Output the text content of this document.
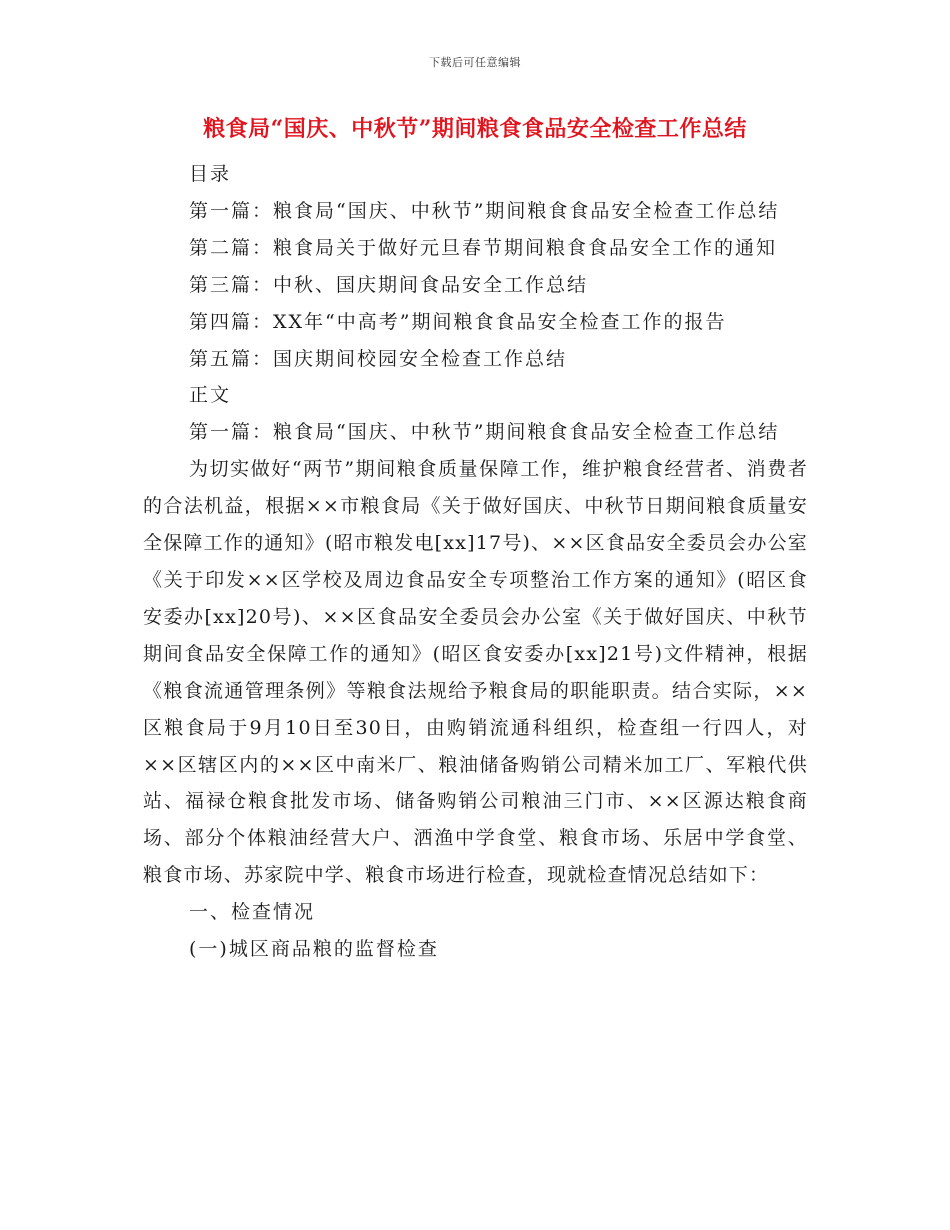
下载后可任意编辑
粮食局“国庆、中秋节”期间粮食食品安全检查工作总结

目录

第一篇：粮食局“国庆、中秋节”期间粮食食品安全检查工作总结

第二篇：粮食局关于做好元旦春节期间粮食食品安全工作的通知

第三篇：中秋、国庆期间食品安全工作总结

第四篇：XX年“中高考”期间粮食食品安全检查工作的报告

第五篇：国庆期间校园安全检查工作总结

正文

第一篇：粮食局“国庆、中秋节”期间粮食食品安全检查工作总结

为切实做好“两节”期间粮食质量保障工作，维护粮食经营者、消费者的合法机益，根据××市粮食局《关于做好国庆、中秋节日期间粮食质量安全保障工作的通知》(昭市粮发电[xx]17号)、××区食品安全委员会办公室《关于印发××区学校及周边食品安全专项整治工作方案的通知》(昭区食安委办[xx]20号)、××区食品安全委员会办公室《关于做好国庆、中秋节期间食品安全保障工作的通知》(昭区食安委办[xx]21号)文件精神，根据《粮食流通管理条例》等粮食法规给予粮食局的职能职责。结合实际，××区粮食局于9月10日至30日，由购销流通科组织，检查组一行四人，对××区辖区内的××区中南米厂、粮油储备购销公司精米加工厂、军粮代供站、福禄仓粮食批发市场、储备购销公司粮油三门市、××区源达粮食商场、部分个体粮油经营大户、洒渔中学食堂、粮食市场、乐居中学食堂、粮食市场、苏家院中学、粮食市场进行检查，现就检查情况总结如下：

一、检查情况

(一)城区商品粮的监督检查
